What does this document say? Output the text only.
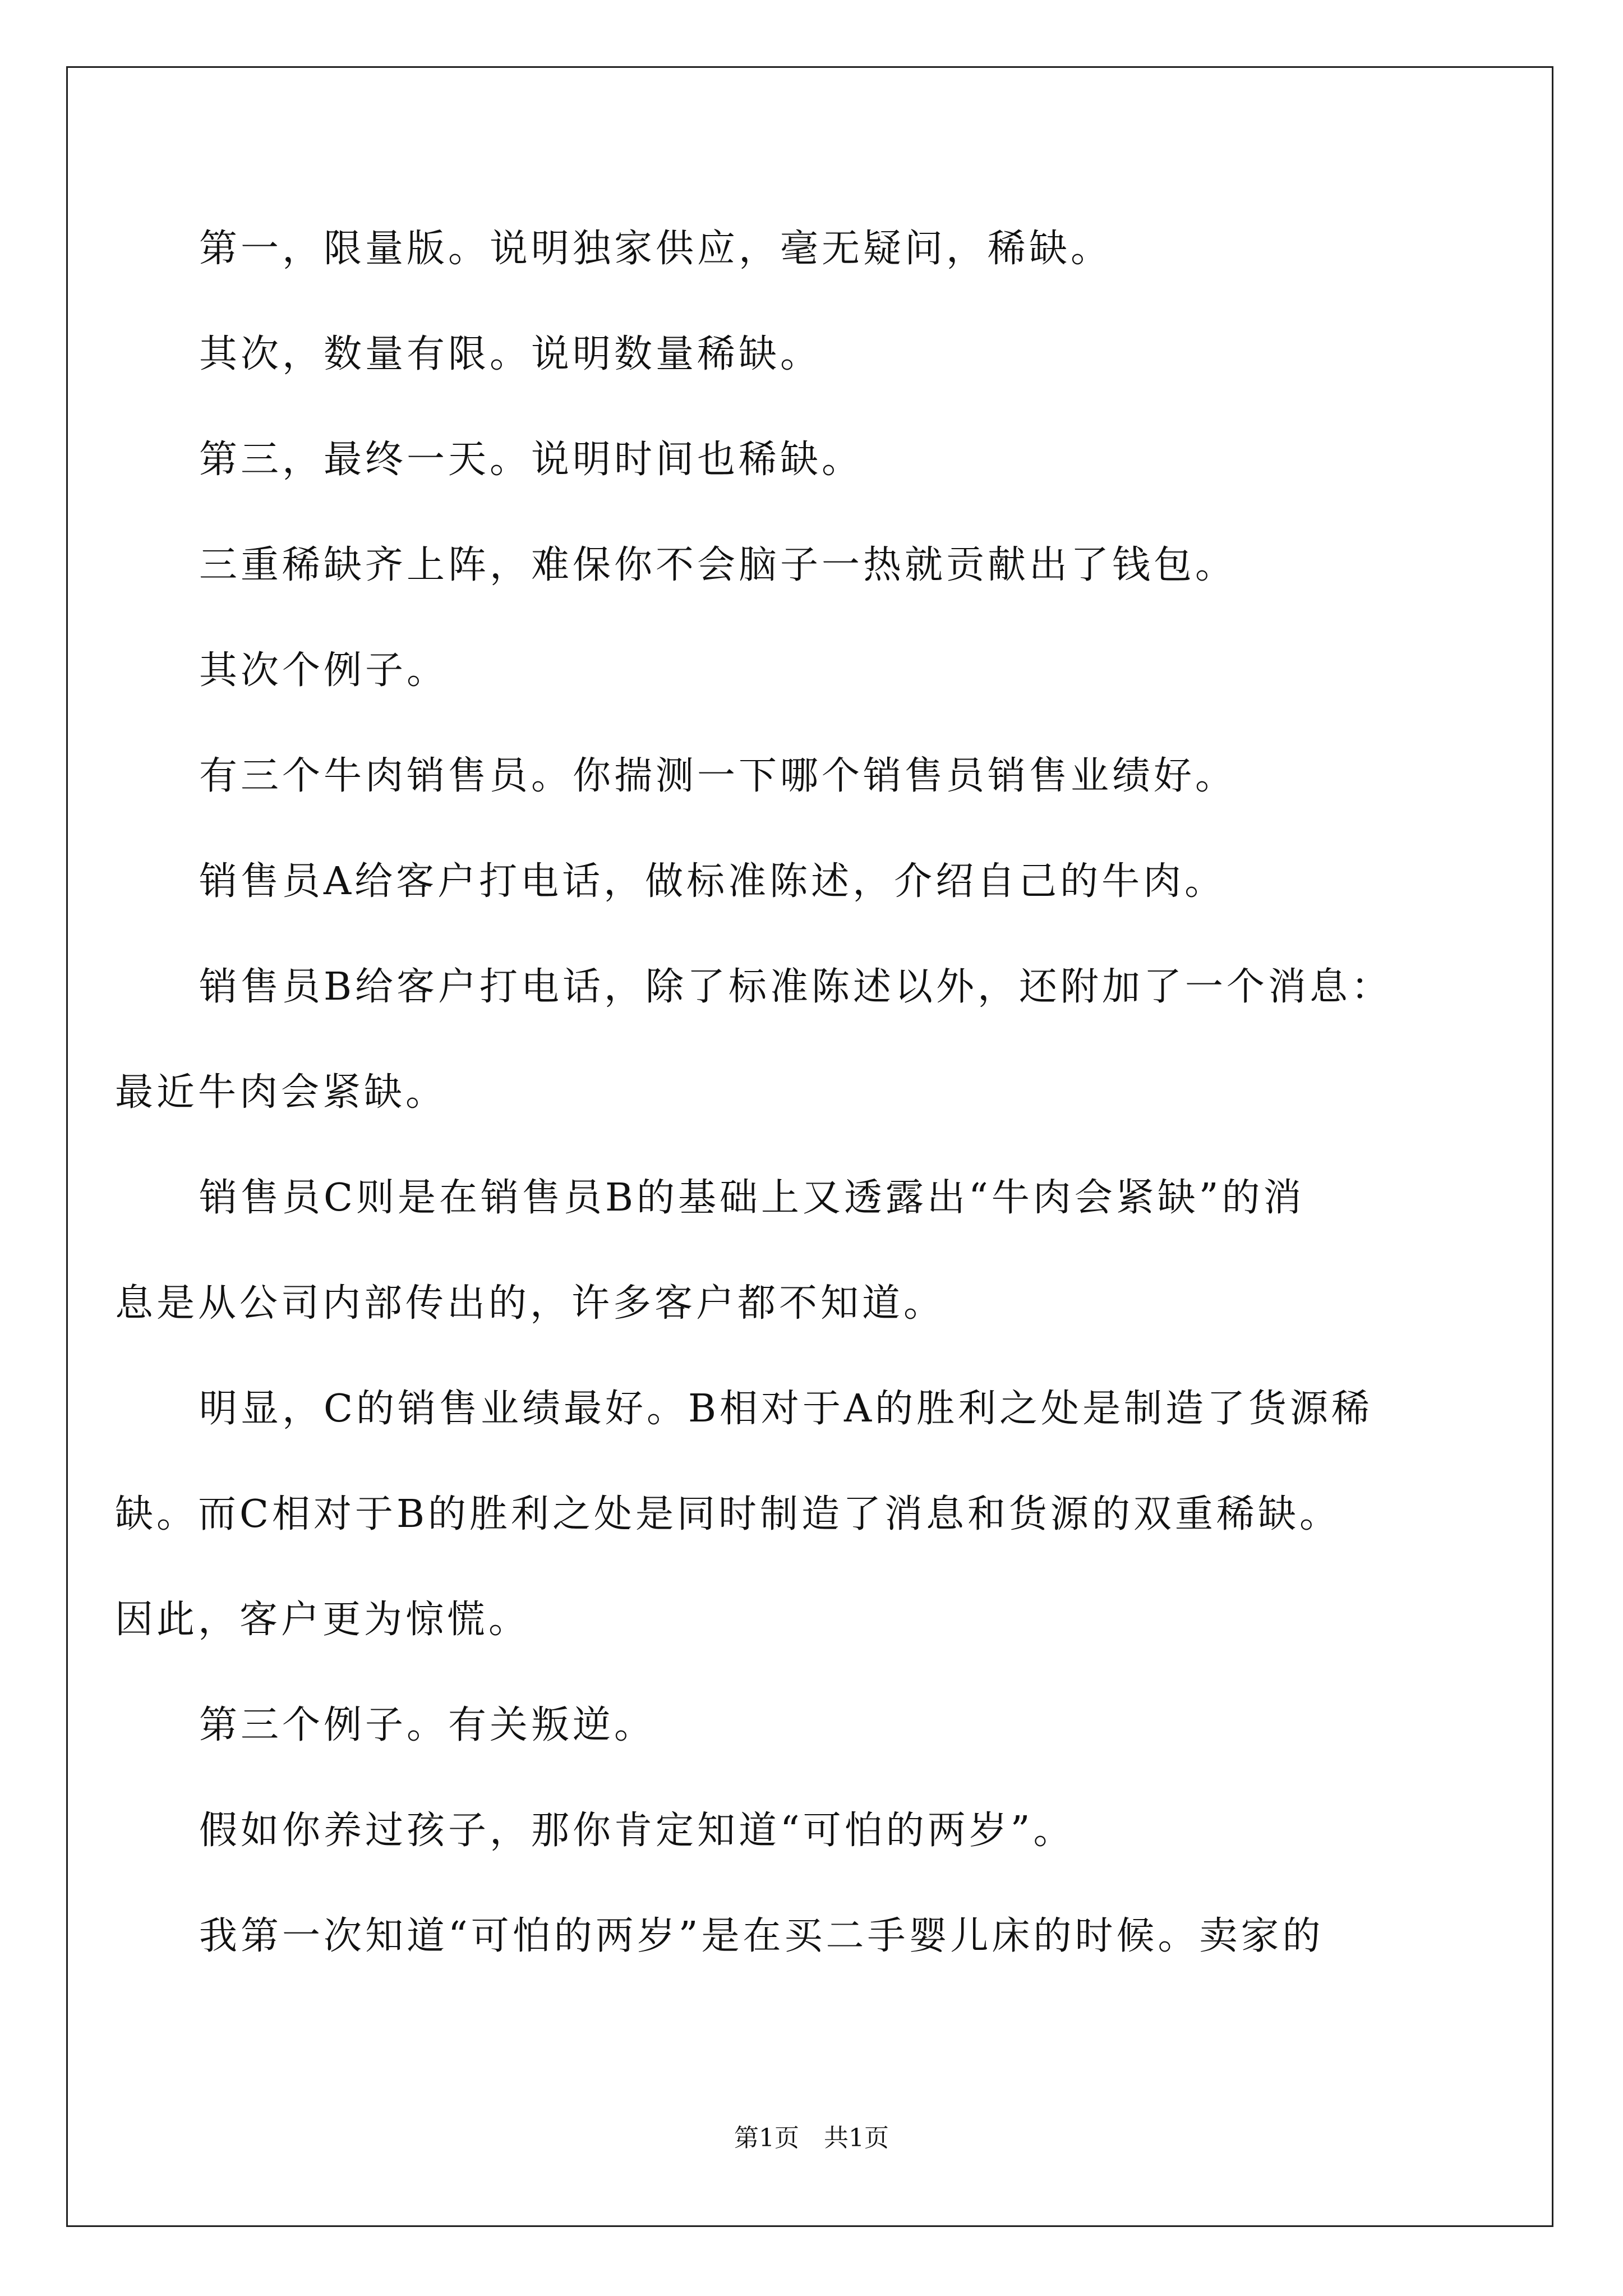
第一，限量版。说明独家供应，毫无疑问，稀缺。
其次，数量有限。说明数量稀缺。
第三，最终一天。说明时间也稀缺。
三重稀缺齐上阵，难保你不会脑子一热就贡献出了钱包。
其次个例子。
有三个牛肉销售员。你揣测一下哪个销售员销售业绩好。
销售员A给客户打电话，做标准陈述，介绍自己的牛肉。
销售员B给客户打电话，除了标准陈述以外，还附加了一个消息：
最近牛肉会紧缺。
销售员C则是在销售员B的基础上又透露出“牛肉会紧缺”的消
息是从公司内部传出的，许多客户都不知道。
明显，C的销售业绩最好。B相对于A的胜利之处是制造了货源稀
缺。而C相对于B的胜利之处是同时制造了消息和货源的双重稀缺。
因此，客户更为惊慌。
第三个例子。有关叛逆。
假如你养过孩子，那你肯定知道“可怕的两岁”。
我第一次知道“可怕的两岁”是在买二手婴儿床的时候。卖家的
第1页　共1页
